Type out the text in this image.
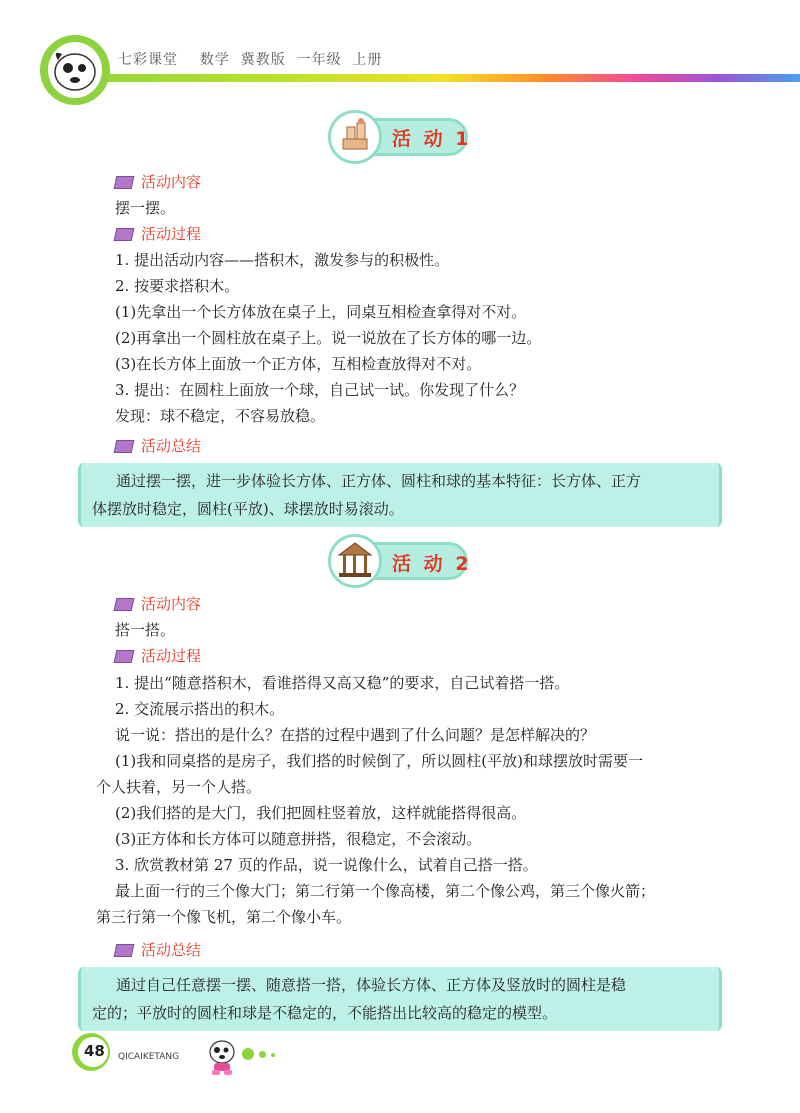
七彩课堂    数学  冀教版  一年级  上册
活 动 1
活动内容
摆一摆。
活动过程
1. 提出活动内容——搭积木，激发参与的积极性。
2. 按要求搭积木。
(1)先拿出一个长方体放在桌子上，同桌互相检查拿得对不对。
(2)再拿出一个圆柱放在桌子上。说一说放在了长方体的哪一边。
(3)在长方体上面放一个正方体，互相检查放得对不对。
3. 提出：在圆柱上面放一个球，自己试一试。你发现了什么？
发现：球不稳定，不容易放稳。
活动总结
通过摆一摆，进一步体验长方体、正方体、圆柱和球的基本特征：长方体、正方
体摆放时稳定，圆柱(平放)、球摆放时易滚动。
活 动 2
活动内容
搭一搭。
活动过程
1. 提出“随意搭积木，看谁搭得又高又稳”的要求，自己试着搭一搭。
2. 交流展示搭出的积木。
说一说：搭出的是什么？在搭的过程中遇到了什么问题？是怎样解决的？
(1)我和同桌搭的是房子，我们搭的时候倒了，所以圆柱(平放)和球摆放时需要一
个人扶着，另一个人搭。
(2)我们搭的是大门，我们把圆柱竖着放，这样就能搭得很高。
(3)正方体和长方体可以随意拼搭，很稳定，不会滚动。
3. 欣赏教材第 27 页的作品，说一说像什么，试着自己搭一搭。
最上面一行的三个像大门；第二行第一个像高楼，第二个像公鸡，第三个像火箭；
第三行第一个像飞机，第二个像小车。
活动总结
通过自己任意摆一摆、随意搭一搭，体验长方体、正方体及竖放时的圆柱是稳
定的；平放时的圆柱和球是不稳定的，不能搭出比较高的稳定的模型。
48 QICAIKETANG
